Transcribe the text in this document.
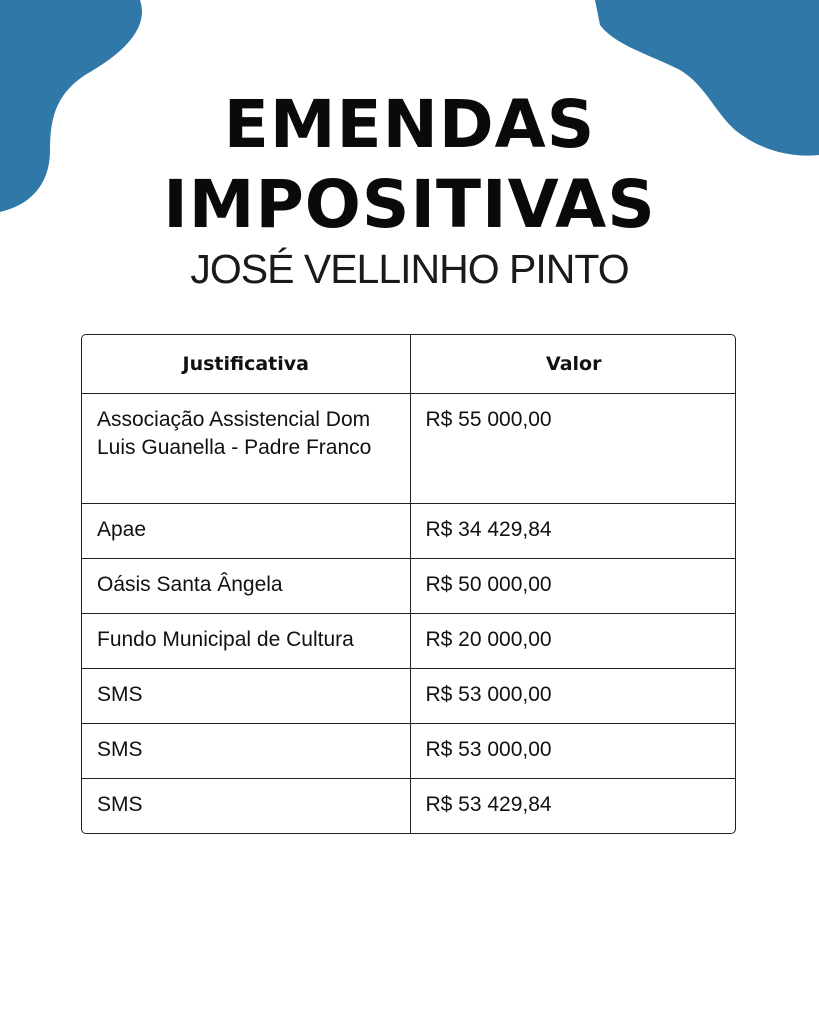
EMENDAS
IMPOSITIVAS
JOSÉ VELLINHO PINTO
Justificativa	Valor
Associação Assistencial Dom Luis Guanella - Padre Franco	R$ 55 000,00
Apae	R$ 34 429,84
Oásis Santa Ângela	R$ 50 000,00
Fundo Municipal de Cultura	R$ 20 000,00
SMS	R$ 53 000,00
SMS	R$ 53 000,00
SMS	R$ 53 429,84
